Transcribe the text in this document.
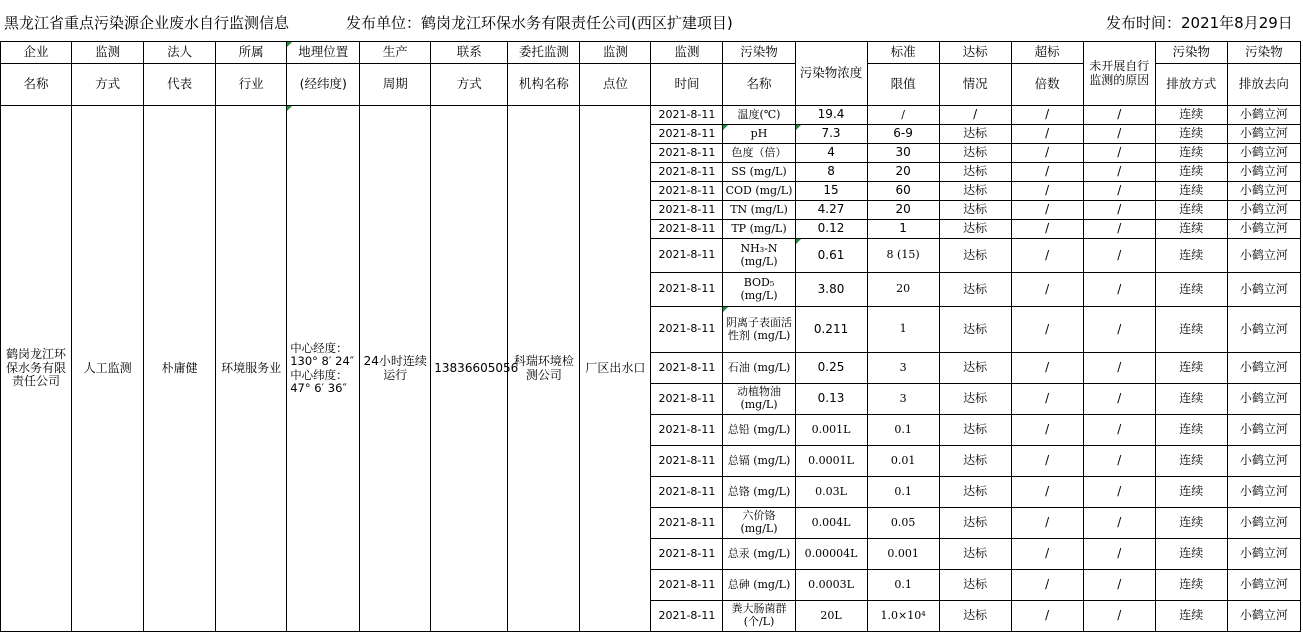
黑龙江省重点污染源企业废水自行监测信息	发布单位：鹤岗龙江环保水务有限责任公司(西区扩建项目)	发布时间：2021年8月29日
企业	监测	法人	所属	地理位置	生产	联系	委托监测	监测	监测	污染物	污染物浓度	标准	达标	超标	未开展自行监测的原因	污染物	污染物
名称	方式	代表	行业	(经纬度)	周期	方式	机构名称	点位	时间	名称		限值	情况	倍数		排放方式	排放去向
鹤岗龙江环保水务有限责任公司	人工监测	朴庸健	环境服务业	中心经度：130° 8′ 24″ 中心纬度：47° 6′ 36″	24小时连续运行	13836605056	科瑞环境检测公司	厂区出水口	2021-8-11	温度(℃)	19.4	/	/	/	/	连续	小鹤立河
									2021-8-11	pH	7.3	6-9	达标	/	/	连续	小鹤立河
									2021-8-11	色度（倍）	4	30	达标	/	/	连续	小鹤立河
									2021-8-11	SS (mg/L)	8	20	达标	/	/	连续	小鹤立河
									2021-8-11	COD (mg/L)	15	60	达标	/	/	连续	小鹤立河
									2021-8-11	TN (mg/L)	4.27	20	达标	/	/	连续	小鹤立河
									2021-8-11	TP (mg/L)	0.12	1	达标	/	/	连续	小鹤立河
									2021-8-11	NH₃-N (mg/L)	0.61	8 (15)	达标	/	/	连续	小鹤立河
									2021-8-11	BOD₅ (mg/L)	3.80	20	达标	/	/	连续	小鹤立河
									2021-8-11	阴离子表面活性剂 (mg/L)	0.211	1	达标	/	/	连续	小鹤立河
									2021-8-11	石油 (mg/L)	0.25	3	达标	/	/	连续	小鹤立河
									2021-8-11	动植物油 (mg/L)	0.13	3	达标	/	/	连续	小鹤立河
									2021-8-11	总铅 (mg/L)	0.001L	0.1	达标	/	/	连续	小鹤立河
									2021-8-11	总镉 (mg/L)	0.0001L	0.01	达标	/	/	连续	小鹤立河
									2021-8-11	总铬 (mg/L)	0.03L	0.1	达标	/	/	连续	小鹤立河
									2021-8-11	六价铬 (mg/L)	0.004L	0.05	达标	/	/	连续	小鹤立河
									2021-8-11	总汞 (mg/L)	0.00004L	0.001	达标	/	/	连续	小鹤立河
									2021-8-11	总砷 (mg/L)	0.0003L	0.1	达标	/	/	连续	小鹤立河
									2021-8-11	粪大肠菌群 (个/L)	20L	1.0×10⁴	达标	/	/	连续	小鹤立河
